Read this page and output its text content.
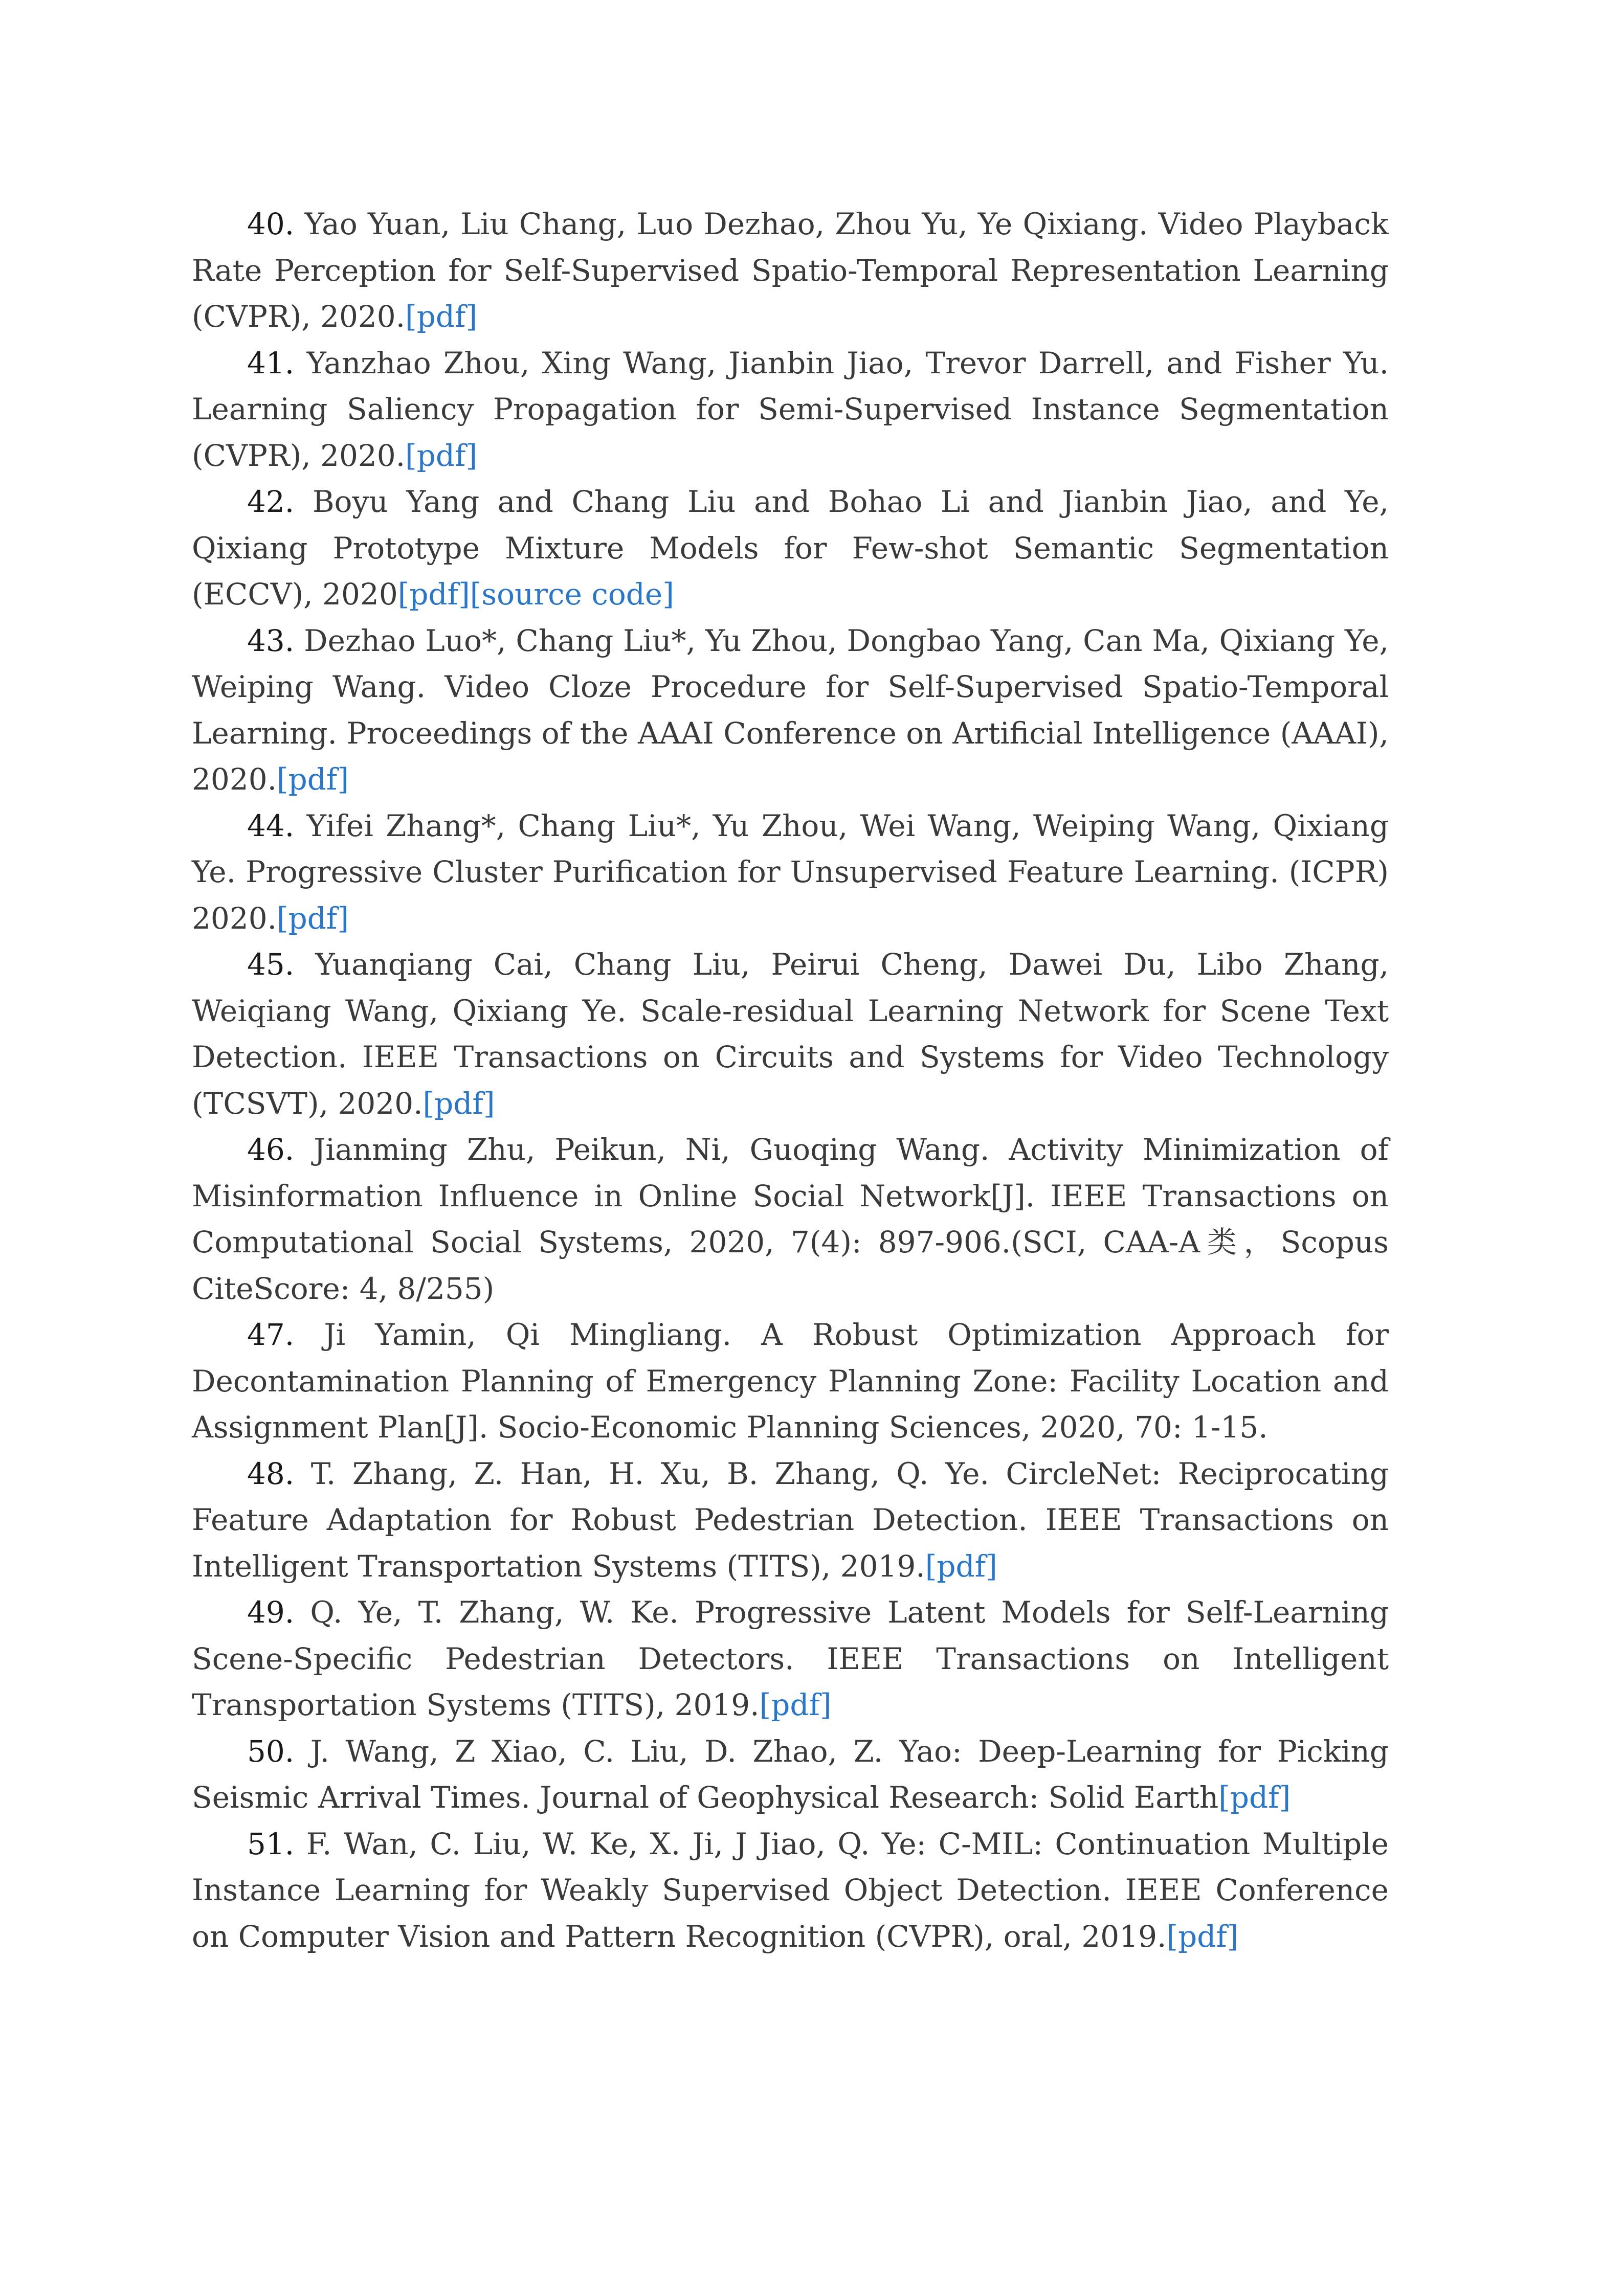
40. Yao Yuan, Liu Chang, Luo Dezhao, Zhou Yu, Ye Qixiang. Video Playback Rate Perception for Self-Supervised Spatio-Temporal Representation Learning (CVPR), 2020.[pdf]

41. Yanzhao Zhou, Xing Wang, Jianbin Jiao, Trevor Darrell, and Fisher Yu. Learning Saliency Propagation for Semi-Supervised Instance Segmentation (CVPR), 2020.[pdf]

42. Boyu Yang and Chang Liu and Bohao Li and Jianbin Jiao, and Ye, Qixiang Prototype Mixture Models for Few-shot Semantic Segmentation (ECCV), 2020[pdf][source code]

43. Dezhao Luo*, Chang Liu*, Yu Zhou, Dongbao Yang, Can Ma, Qixiang Ye, Weiping Wang. Video Cloze Procedure for Self-Supervised Spatio-Temporal Learning. Proceedings of the AAAI Conference on Artificial Intelligence (AAAI), 2020.[pdf]

44. Yifei Zhang*, Chang Liu*, Yu Zhou, Wei Wang, Weiping Wang, Qixiang Ye. Progressive Cluster Purification for Unsupervised Feature Learning. (ICPR) 2020.[pdf]

45. Yuanqiang Cai, Chang Liu, Peirui Cheng, Dawei Du, Libo Zhang, Weiqiang Wang, Qixiang Ye. Scale-residual Learning Network for Scene Text Detection. IEEE Transactions on Circuits and Systems for Video Technology (TCSVT), 2020.[pdf]

46. Jianming Zhu, Peikun, Ni, Guoqing Wang. Activity Minimization of Misinformation Influence in Online Social Network[J]. IEEE Transactions on Computational Social Systems, 2020, 7(4): 897-906.(SCI, CAA-A类，Scopus CiteScore: 4, 8/255)

47. Ji Yamin, Qi Mingliang. A Robust Optimization Approach for Decontamination Planning of Emergency Planning Zone: Facility Location and Assignment Plan[J]. Socio-Economic Planning Sciences, 2020, 70: 1-15.

48. T. Zhang, Z. Han, H. Xu, B. Zhang, Q. Ye. CircleNet: Reciprocating Feature Adaptation for Robust Pedestrian Detection. IEEE Transactions on Intelligent Transportation Systems (TITS), 2019.[pdf]

49. Q. Ye, T. Zhang, W. Ke. Progressive Latent Models for Self-Learning Scene-Specific Pedestrian Detectors. IEEE Transactions on Intelligent Transportation Systems (TITS), 2019.[pdf]

50. J. Wang, Z Xiao, C. Liu, D. Zhao, Z. Yao: Deep-Learning for Picking Seismic Arrival Times. Journal of Geophysical Research: Solid Earth[pdf]

51. F. Wan, C. Liu, W. Ke, X. Ji, J Jiao, Q. Ye: C-MIL: Continuation Multiple Instance Learning for Weakly Supervised Object Detection. IEEE Conference on Computer Vision and Pattern Recognition (CVPR), oral, 2019.[pdf]
